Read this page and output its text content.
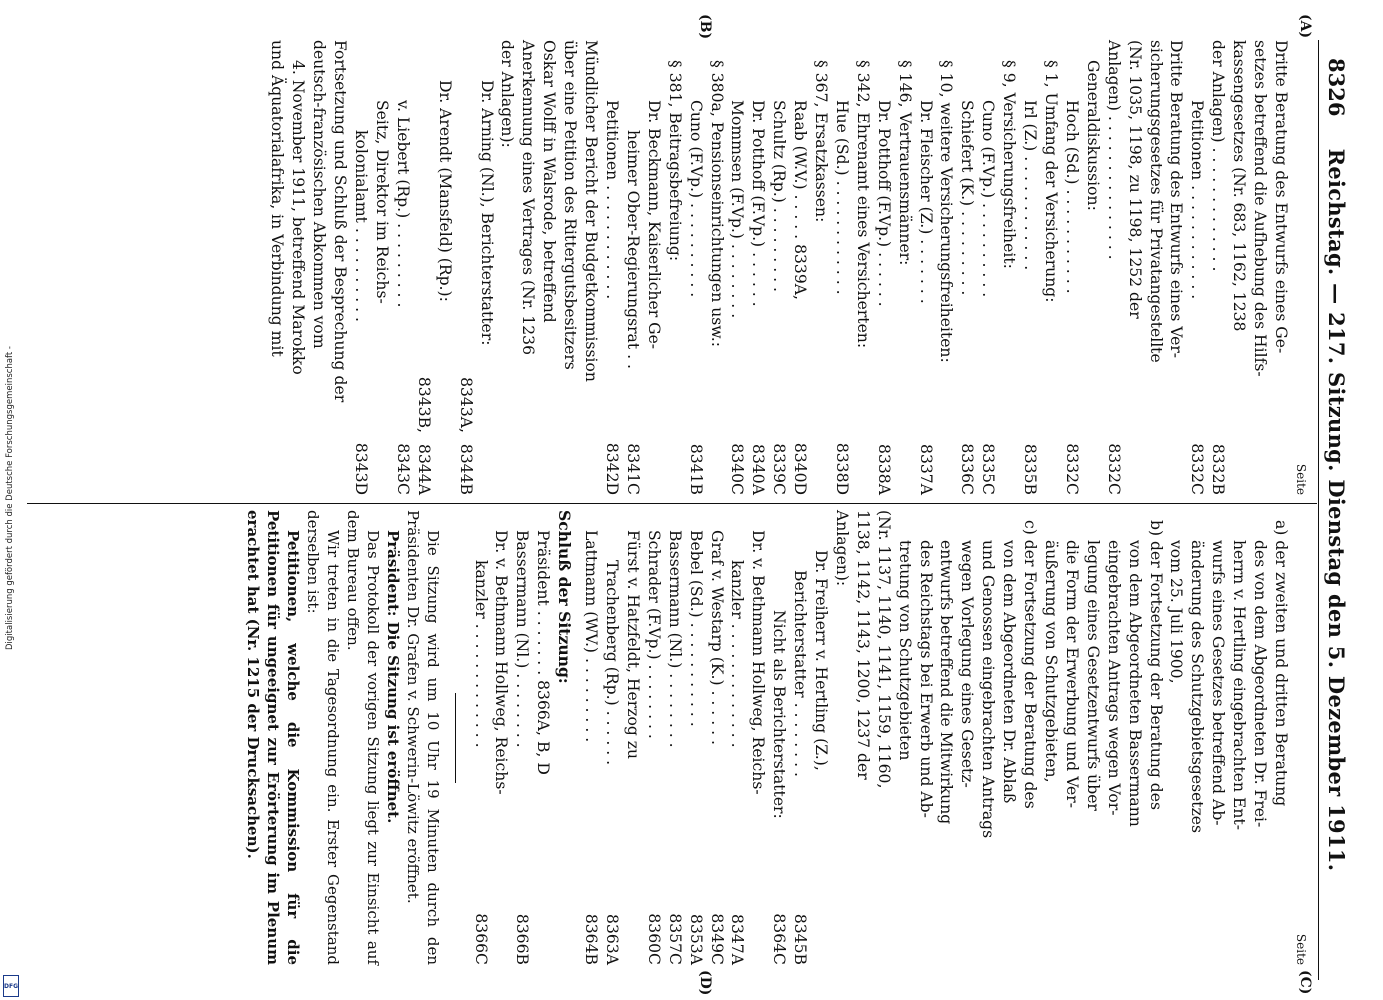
8326
Reichstag. — 217. Sitzung. Dienstag den 5. Dezember 1911.
(A)
(B)
(C)
(D)
Seite
Dritte Beratung des Entwurfs eines Ge-
setzes betreffend die Aufhebung des Hilfs-
kassengesetzes (Nr. 683, 1162, 1238
der Anlagen) . . . . . . . . . . . . .
8332B
Petitionen . . . . . . . . . . . .
8332C
Dritte Beratung des Entwurfs eines Ver-
sicherungsgesetzes für Privatangestellte
(Nr. 1035, 1198, zu 1198, 1252 der
Anlagen) . . . . . . . . . . . . . . .
8332C
Generaldiskussion:
Hoch (Sd.) . . . . . . . . . . .
8332C
§ 1, Umfang der Versicherung:
Irl (Z.) . . . . . . . . . . . .
8335B
§ 9, Versicherungsfreiheit:
Cuno (F.Vp.) . . . . . . . . . .
8335C
Schiefert (K.) . . . . . . . . .
8336C
§ 10, weitere Versicherungsfreiheiten:
Dr. Fleischer (Z.) . . . . . . .
8337A
§ 146, Vertrauensmänner:
Dr. Potthoff (F.Vp.) . . . . . .
8338A
§ 342, Ehrenamt eines Versicherten:
Hue (Sd.) . . . . . . . . . . . .
8338D
§ 367, Ersatzkassen:
Raab (W.V.) . . . . . 8339A,
8340D
Schultz (Rp.) . . . . . . . . .
8339C
Dr. Potthoff (F.Vp.) . . . . . .
8340A
Mommsen (F.Vp.) . . . . . . . .
8340C
§ 380a, Pensionseinrichtungen usw.:
Cuno (F.Vp.) . . . . . . . . . .
8341B
§ 381, Beitragsbefreiung:
Dr. Beckmann, Kaiserlicher Ge-
heimer Ober-Regierungsrat . .
8341C
Petitionen . . . . . . . . . . . .
8342D
Mündlicher Bericht der Budgetkommission
über eine Petition des Rittergutsbesitzers
Oskar Wolff in Walsrode, betreffend
Anerkennung eines Vertrages (Nr. 1236
der Anlagen):
Dr. Arning (Nl.), Berichterstatter:
8343A,
8344B
Dr. Arendt (Mansfeld) (Rp.):
8343B,
8344A
v. Liebert (Rp.) . . . . . . . . .
8343C
Seitz, Direktor im Reichs-
kolonialamt . . . . . . . . . .
8343D
Fortsetzung und Schluß der Besprechung der
deutsch-französischen Abkommen vom
4. November 1911, betreffend Marokko
und Äquatorialafrika, in Verbindung mit
Seite
a) der zweiten und dritten Beratung
des von dem Abgeordneten Dr. Frei-
herrn v. Hertling eingebrachten Ent-
wurfs eines Gesetzes betreffend Ab-
änderung des Schutzgebietsgesetzes
vom 25. Juli 1900,
b) der Fortsetzung der Beratung des
von dem Abgeordneten Bassermann
eingebrachten Antrags wegen Vor-
legung eines Gesetzentwurfs über
die Form der Erwerbung und Ver-
äußerung von Schutzgebieten,
c) der Fortsetzung der Beratung des
von dem Abgeordneten Dr. Ablaß
und Genossen eingebrachten Antrags
wegen Vorlegung eines Gesetz-
entwurfs betreffend die Mitwirkung
des Reichstags bei Erwerb und Ab-
tretung von Schutzgebieten
(Nr. 1137, 1140, 1141, 1159, 1160,
1138, 1142, 1143, 1200, 1237 der
Anlagen):
Dr. Freiherr v. Hertling (Z.),
Berichterstatter . . . . . . . .
8345B
Nicht als Berichterstatter:
8364C
Dr. v. Bethmann Hollweg, Reichs-
kanzler . . . . . . . . . . . . .
8347A
Graf v. Westarp (K.) . . . . . .
8349C
Bebel (Sd.) . . . . . . . . . . .
8353A
Bassermann (Nl.) . . . . . . . .
8357C
Schrader (F.Vp.) . . . . . . . .
8360C
Fürst v. Hatzfeldt, Herzog zu
Trachenberg (Rp.) . . . . . .
8363A
Lattmann (WV.) . . . . . . . . .
8364B
Schluß der Sitzung:
Präsident . . . . . . . 8366A, B, D
Bassermann (Nl.) . . . . . . . .
8366B
Dr. v. Bethmann Hollweg, Reichs-
kanzler . . . . . . . . . . . . .
8366C
Die Sitzung wird um 10 Uhr 19 Minuten durch den Präsidenten Dr. Grafen v. Schwerin-Löwitz eröffnet.
Präsident: Die Sitzung ist eröffnet.
Das Protokoll der vorigen Sitzung liegt zur Einsicht auf dem Bureau offen.
Wir treten in die Tagesordnung ein. Erster Gegenstand derselben ist:
Petitionen, welche die Kommission für die Petitionen für ungeeignet zur Erörterung im Plenum erachtet hat (Nr. 1215 der Drucksachen).
Digitalisierung gefördert durch die Deutsche Forschungsgemeinschaft -
DFG
